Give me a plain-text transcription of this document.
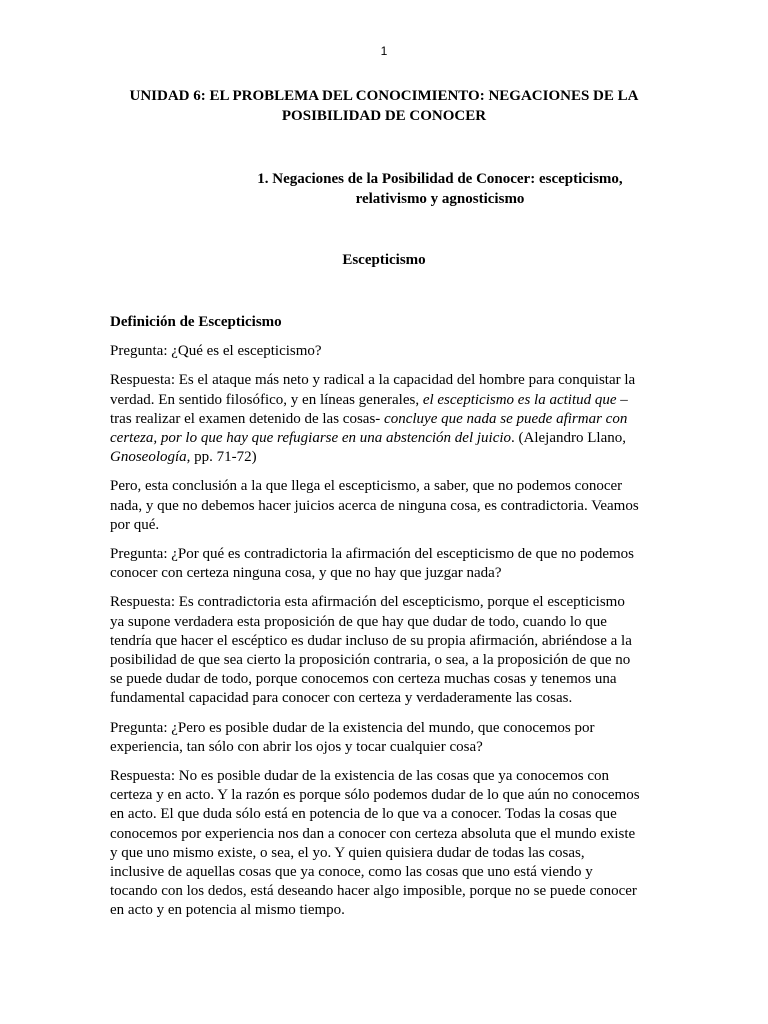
1
UNIDAD 6: EL PROBLEMA DEL CONOCIMIENTO: NEGACIONES DE LA
POSIBILIDAD DE CONOCER
1. Negaciones de la Posibilidad de Conocer: escepticismo,
relativismo y agnosticismo
Escepticismo

Definición de Escepticismo

Pregunta: ¿Qué es el escepticismo?

Respuesta: Es el ataque más neto y radical a la capacidad del hombre para conquistar la
verdad. En sentido filosófico, y en líneas generales, el escepticismo es la actitud que –
tras realizar el examen detenido de las cosas- concluye que nada se puede afirmar con
certeza, por lo que hay que refugiarse en una abstención del juicio. (Alejandro Llano,
Gnoseología, pp. 71-72)

Pero, esta conclusión a la que llega el escepticismo, a saber, que no podemos conocer
nada, y que no debemos hacer juicios acerca de ninguna cosa, es contradictoria. Veamos
por qué.

Pregunta: ¿Por qué es contradictoria la afirmación del escepticismo de que no podemos
conocer con certeza ninguna cosa, y que no hay que juzgar nada?

Respuesta: Es contradictoria esta afirmación del escepticismo, porque el escepticismo
ya supone verdadera esta proposición de que hay que dudar de todo, cuando lo que
tendría que hacer el escéptico es dudar incluso de su propia afirmación, abriéndose a la
posibilidad de que sea cierto la proposición contraria, o sea, a la proposición de que no
se puede dudar de todo, porque conocemos con certeza muchas cosas y tenemos una
fundamental capacidad para conocer con certeza y verdaderamente las cosas.

Pregunta: ¿Pero es posible dudar de la existencia del mundo, que conocemos por
experiencia, tan sólo con abrir los ojos y tocar cualquier cosa?

Respuesta: No es posible dudar de la existencia de las cosas que ya conocemos con
certeza y en acto. Y la razón es porque sólo podemos dudar de lo que aún no conocemos
en acto. El que duda sólo está en potencia de lo que va a conocer. Todas la cosas que
conocemos por experiencia nos dan a conocer con certeza absoluta que el mundo existe
y que uno mismo existe, o sea, el yo. Y quien quisiera dudar de todas las cosas,
inclusive de aquellas cosas que ya conoce, como las cosas que uno está viendo y
tocando con los dedos, está deseando hacer algo imposible, porque no se puede conocer
en acto y en potencia al mismo tiempo.
